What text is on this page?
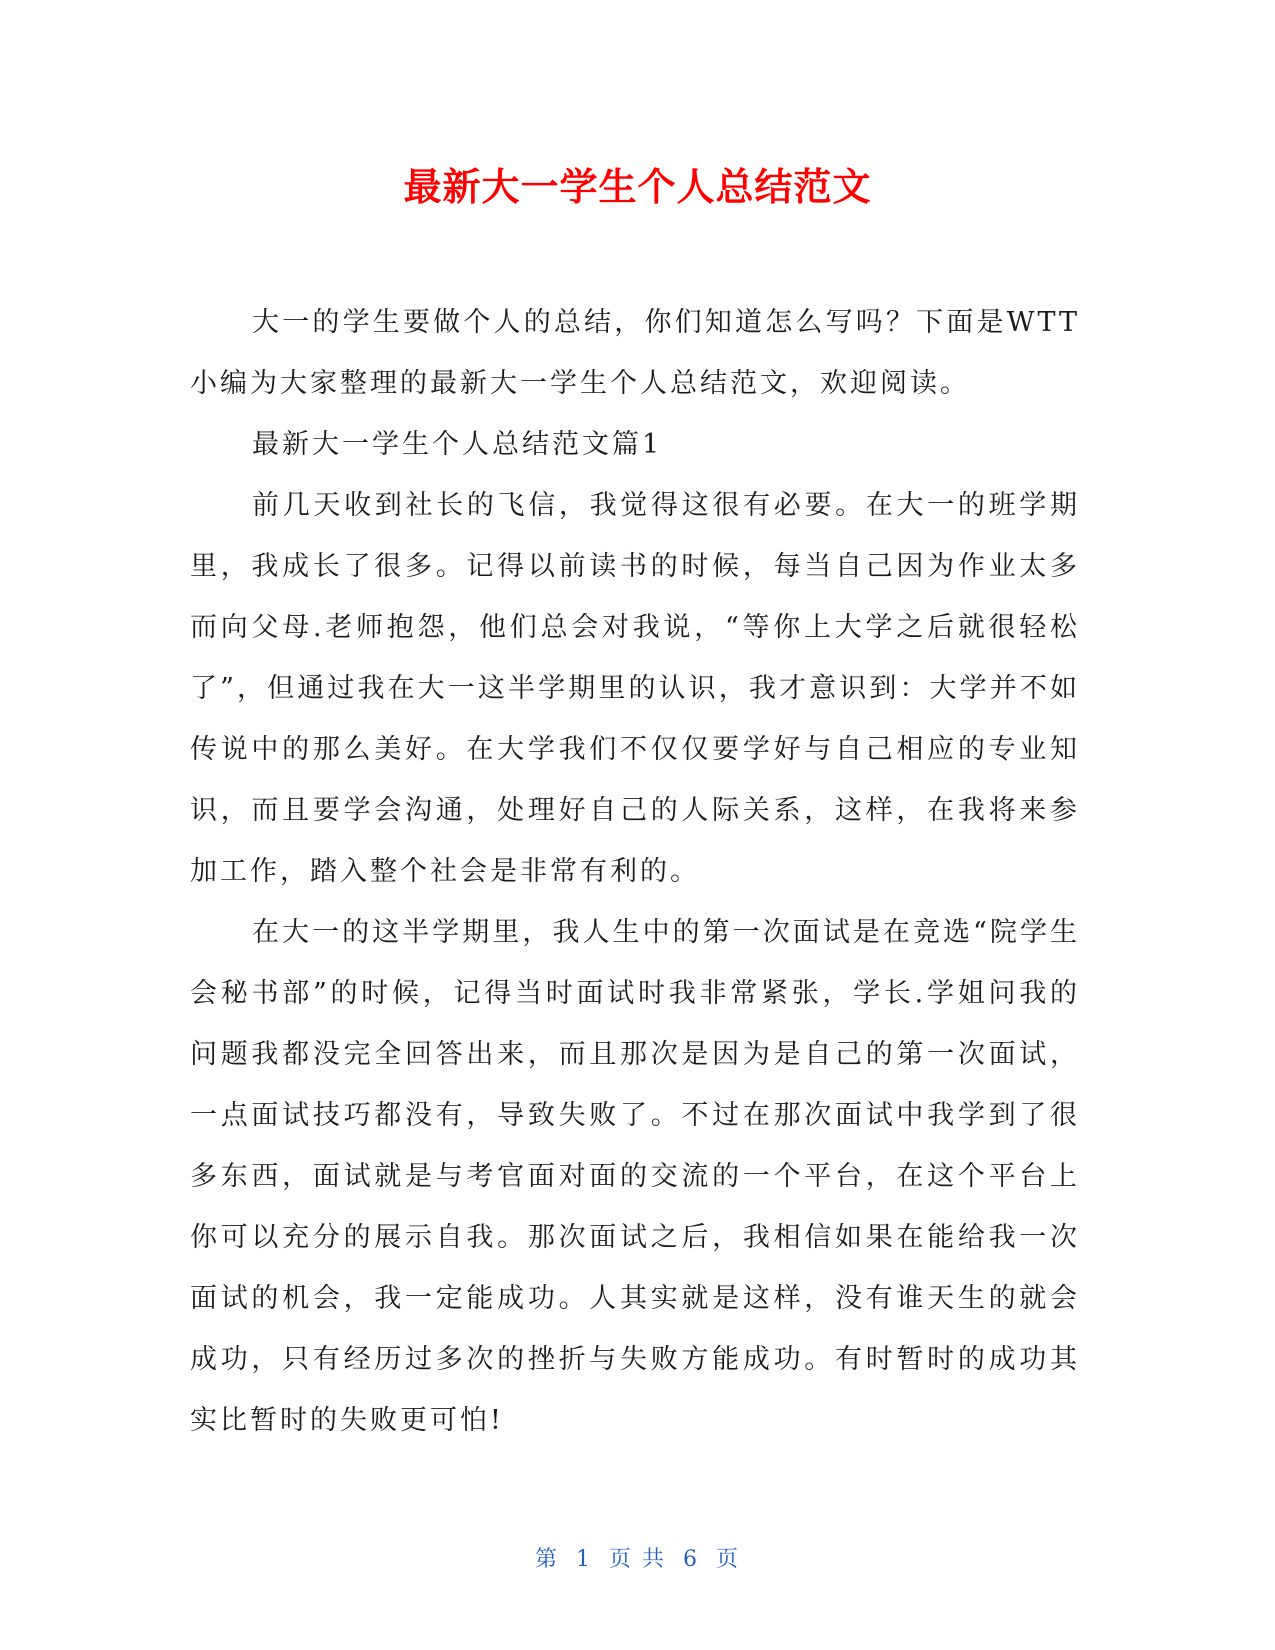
最新大一学生个人总结范文

大一的学生要做个人的总结，你们知道怎么写吗？下面是WTT小编为大家整理的最新大一学生个人总结范文，欢迎阅读。

最新大一学生个人总结范文篇1

前几天收到社长的飞信，我觉得这很有必要。在大一的班学期里，我成长了很多。记得以前读书的时候，每当自己因为作业太多而向父母.老师抱怨，他们总会对我说，“等你上大学之后就很轻松了”，但通过我在大一这半学期里的认识，我才意识到：大学并不如传说中的那么美好。在大学我们不仅仅要学好与自己相应的专业知识，而且要学会沟通，处理好自己的人际关系，这样，在我将来参加工作，踏入整个社会是非常有利的。

在大一的这半学期里，我人生中的第一次面试是在竞选“院学生会秘书部”的时候，记得当时面试时我非常紧张，学长.学姐问我的问题我都没完全回答出来，而且那次是因为是自己的第一次面试，一点面试技巧都没有，导致失败了。不过在那次面试中我学到了很多东西，面试就是与考官面对面的交流的一个平台，在这个平台上你可以充分的展示自我。那次面试之后，我相信如果在能给我一次面试的机会，我一定能成功。人其实就是这样，没有谁天生的就会成功，只有经历过多次的挫折与失败方能成功。有时暂时的成功其实比暂时的失败更可怕!

第 1 页 共 6 页
